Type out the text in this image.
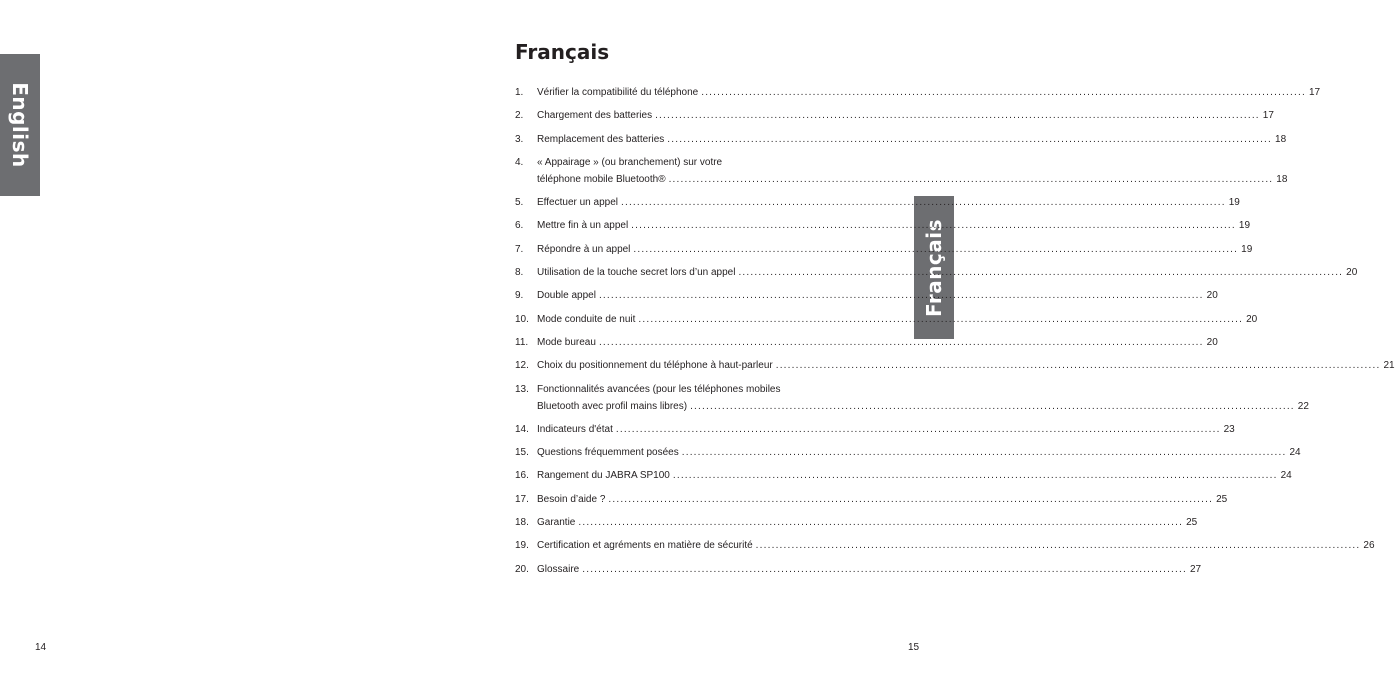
English
Français
Français
1.	Vérifier la compatibilité du téléphone ........................................................................................................................................................ 17
2.	Chargement des batteries ........................................................................................................................................................ 17
3.	Remplacement des batteries ........................................................................................................................................................ 18
4.	« Appairage » (ou branchement) sur votre
téléphone mobile Bluetooth® ........................................................................................................................................................ 18
5.	Effectuer un appel ........................................................................................................................................................ 19
6.	Mettre fin à un appel ........................................................................................................................................................ 19
7.	Répondre à un appel ........................................................................................................................................................ 19
8.	Utilisation de la touche secret lors d’un appel ........................................................................................................................................................ 20
9.	Double appel ........................................................................................................................................................ 20
10. Mode conduite de nuit ........................................................................................................................................................ 20
11. Mode bureau ........................................................................................................................................................ 20
12. Choix du positionnement du téléphone à haut-parleur ........................................................................................................................................................ 21
13. Fonctionnalités avancées (pour les téléphones mobiles
Bluetooth avec profil mains libres) ........................................................................................................................................................ 22
14. Indicateurs d'état ........................................................................................................................................................ 23
15. Questions fréquemment posées ........................................................................................................................................................ 24
16. Rangement du JABRA SP100 ........................................................................................................................................................ 24
17. Besoin d’aide ? ........................................................................................................................................................ 25
18. Garantie ........................................................................................................................................................ 25
19. Certification et agréments en matière de sécurité ........................................................................................................................................................ 26
20. Glossaire ........................................................................................................................................................ 27
14	15
